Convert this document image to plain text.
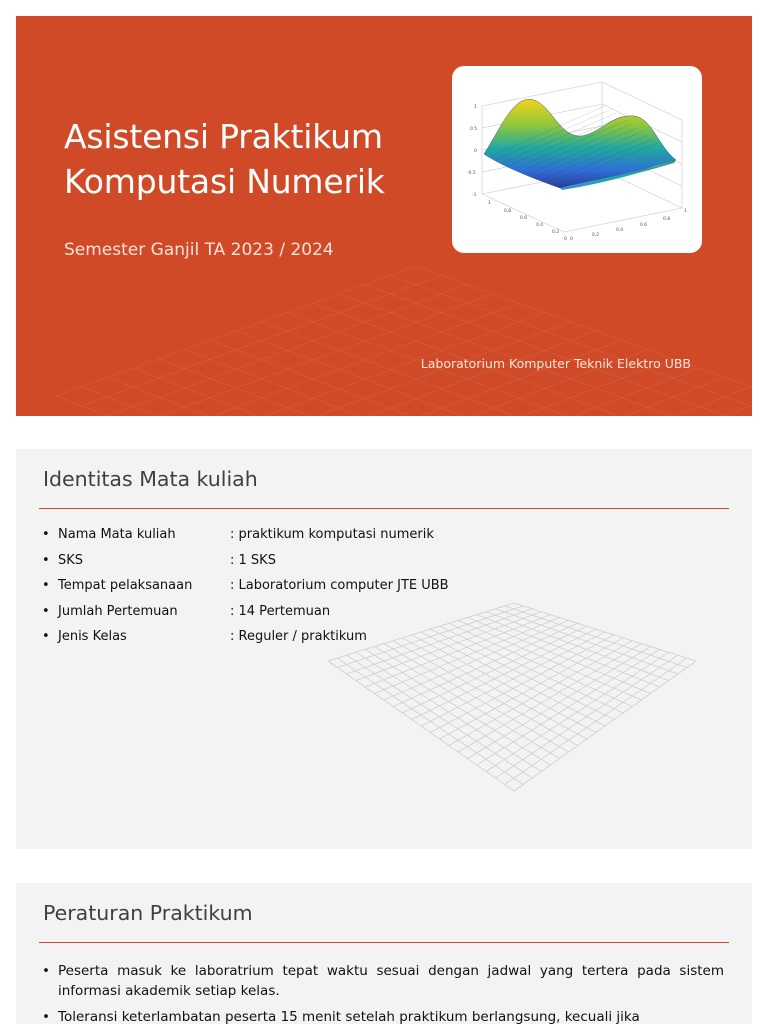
Asistensi Praktikum
Komputasi Numerik

Semester Ganjil TA 2023 / 2024

Laboratorium Komputer Teknik Elektro UBB
1
0.5
0
-0.5
-1
0
0.2
0.4
0.6
0.8
1
1
0.8
0.6
0.4
0.2
0
Identitas Mata kuliah
• Nama Mata kuliah	: praktikum komputasi numerik
• SKS	: 1 SKS
• Tempat pelaksanaan	: Laboratorium computer JTE UBB
• Jumlah Pertemuan	: 14 Pertemuan
• Jenis Kelas	: Reguler / praktikum
Peraturan Praktikum
• Peserta masuk ke laboratrium tepat waktu sesuai dengan jadwal yang tertera pada sistem informasi akademik setiap kelas.
• Toleransi keterlambatan peserta 15 menit setelah praktikum berlangsung, kecuali jika
